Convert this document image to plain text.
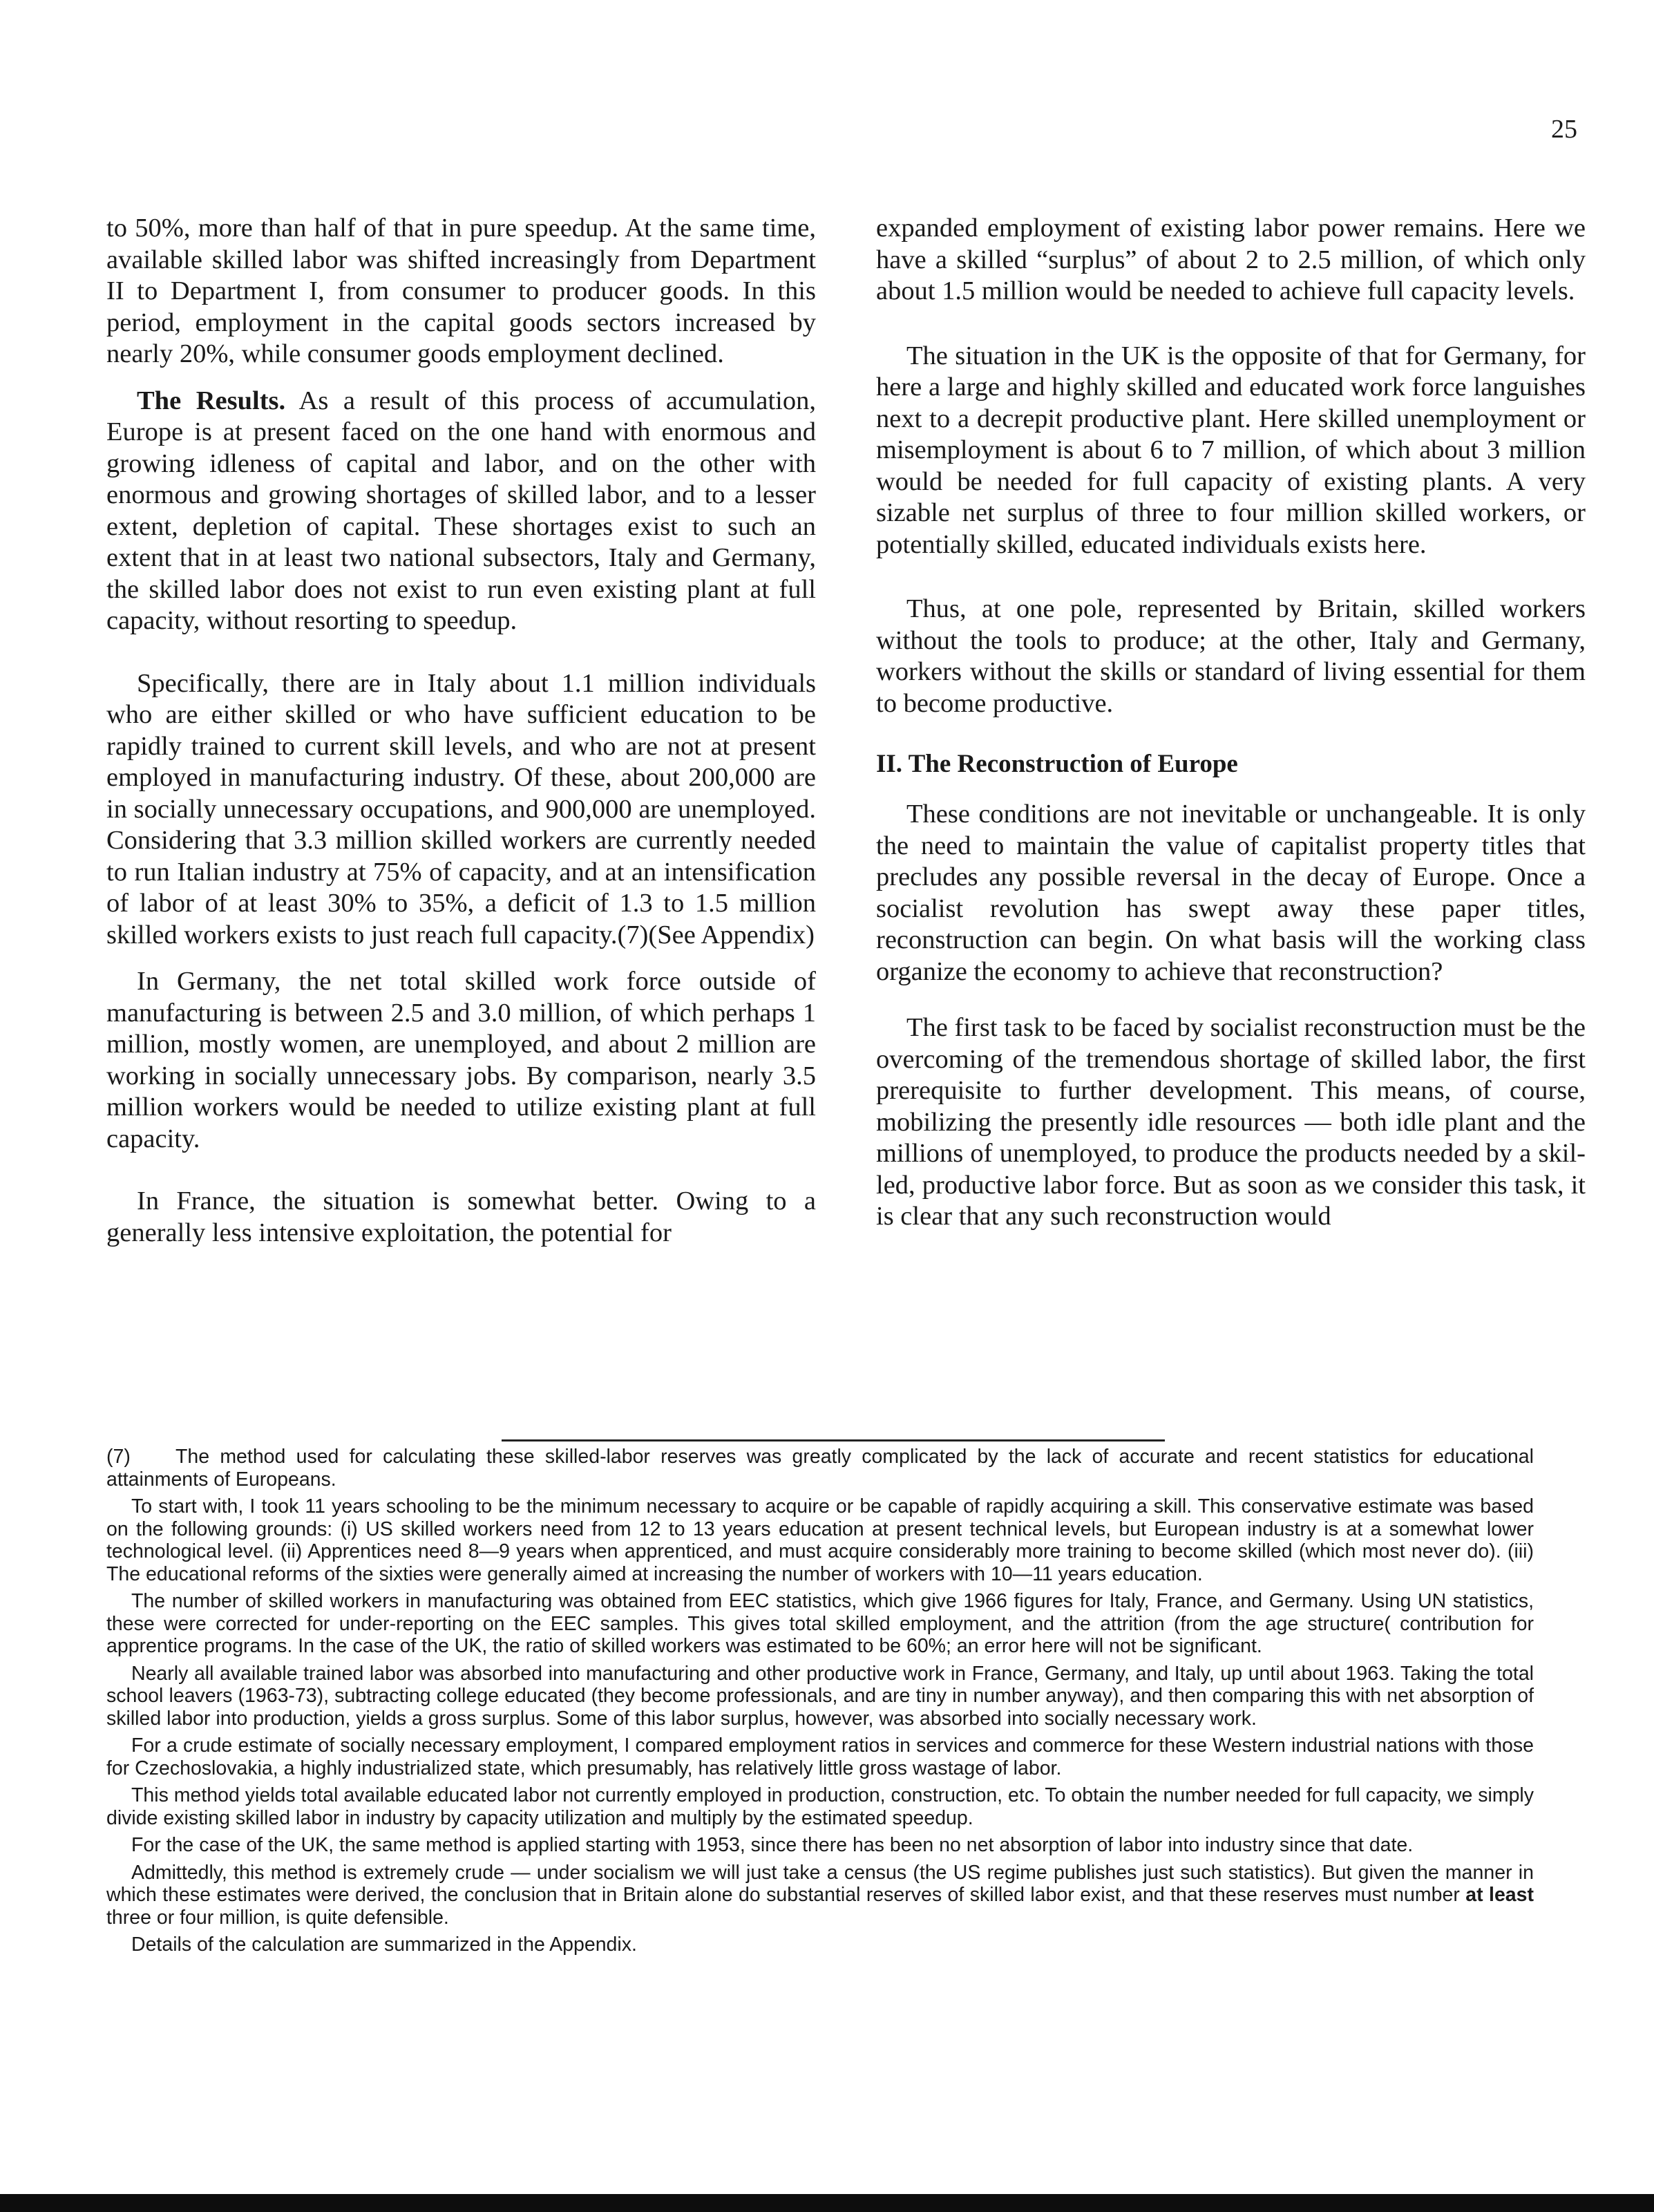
25

to 50%, more than half of that in pure speedup. At the same time, available skilled labor was shifted increasingly from Department II to Department I, from consumer to producer goods. In this period, employment in the capital goods sectors increased by nearly 20%, while consumer goods employment declined.

The Results. As a result of this process of accumulation, Europe is at present faced on the one hand with enormous and growing idleness of capital and labor, and on the other with enormous and growing shortages of skilled labor, and to a lesser extent, depletion of capital. These shortages exist to such an extent that in at least two national subsectors, Italy and Germany, the skilled labor does not exist to run even existing plant at full capacity, without resorting to speedup.

Specifically, there are in Italy about 1.1 million individuals who are either skilled or who have sufficient education to be rapidly trained to current skill levels, and who are not at present employed in manufacturing industry. Of these, about 200,000 are in socially unnecessary occupations, and 900,000 are unemployed. Considering that 3.3 million skilled workers are currently needed to run Italian industry at 75% of capacity, and at an intensification of labor of at least 30% to 35%, a deficit of 1.3 to 1.5 million skilled workers exists to just reach full capacity.(7)(See Appendix)

In Germany, the net total skilled work force outside of manufacturing is between 2.5 and 3.0 million, of which perhaps 1 million, mostly women, are unemployed, and about 2 million are working in socially unnecessary jobs. By comparison, nearly 3.5 million workers would be needed to utilize existing plant at full capacity.

In France, the situation is somewhat better. Owing to a generally less intensive exploitation, the potential for

expanded employment of existing labor power remains. Here we have a skilled “surplus” of about 2 to 2.5 million, of which only about 1.5 million would be needed to achieve full capacity levels.

The situation in the UK is the opposite of that for Germany, for here a large and highly skilled and educated work force languishes next to a decrepit productive plant. Here skilled unemployment or misemployment is about 6 to 7 million, of which about 3 million would be needed for full capacity of existing plants. A very sizable net surplus of three to four million skilled workers, or potentially skilled, educated individuals exists here.

Thus, at one pole, represented by Britain, skilled workers without the tools to produce; at the other, Italy and Germany, workers without the skills or standard of living essential for them to become productive.

II. The Reconstruction of Europe

These conditions are not inevitable or unchangeable. It is only the need to maintain the value of capitalist property titles that precludes any possible reversal in the decay of Europe. Once a socialist revolution has swept away these paper titles, reconstruction can begin. On what basis will the working class organize the economy to achieve that reconstruction?

The first task to be faced by socialist reconstruction must be the overcoming of the tremendous shortage of skilled labor, the first prerequisite to further development. This means, of course, mobilizing the presently idle resources — both idle plant and the millions of unemployed, to produce the products needed by a skilled, productive labor force. But as soon as we consider this task, it is clear that any such reconstruction would

(7) The method used for calculating these skilled-labor reserves was greatly complicated by the lack of accurate and recent statistics for educational attainments of Europeans.

To start with, I took 11 years schooling to be the minimum necessary to acquire or be capable of rapidly acquiring a skill. This conservative estimate was based on the following grounds: (i) US skilled workers need from 12 to 13 years education at present technical levels, but European industry is at a somewhat lower technological level. (ii) Apprentices need 8—9 years when apprenticed, and must acquire considerably more training to become skilled (which most never do). (iii) The educational reforms of the sixties were generally aimed at increasing the number of workers with 10—11 years education.

The number of skilled workers in manufacturing was obtained from EEC statistics, which give 1966 figures for Italy, France, and Germany. Using UN statistics, these were corrected for under-reporting on the EEC samples. This gives total skilled employment, and the attrition (from the age structure( contribution for apprentice programs. In the case of the UK, the ratio of skilled workers was estimated to be 60%; an error here will not be significant.

Nearly all available trained labor was absorbed into manufacturing and other productive work in France, Germany, and Italy, up until about 1963. Taking the total school leavers (1963-73), subtracting college educated (they become professionals, and are tiny in number anyway), and then comparing this with net absorption of skilled labor into production, yields a gross surplus. Some of this labor surplus, however, was absorbed into socially necessary work.

For a crude estimate of socially necessary employment, I compared employment ratios in services and commerce for these Western industrial nations with those for Czechoslovakia, a highly industrialized state, which presumably, has relatively little gross wastage of labor.

This method yields total available educated labor not currently employed in production, construction, etc. To obtain the number needed for full capacity, we simply divide existing skilled labor in industry by capacity utilization and multiply by the estimated speedup.

For the case of the UK, the same method is applied starting with 1953, since there has been no net absorption of labor into industry since that date.

Admittedly, this method is extremely crude — under socialism we will just take a census (the US regime publishes just such statistics). But given the manner in which these estimates were derived, the conclusion that in Britain alone do substantial reserves of skilled labor exist, and that these reserves must number at least three or four million, is quite defensible.

Details of the calculation are summarized in the Appendix.
